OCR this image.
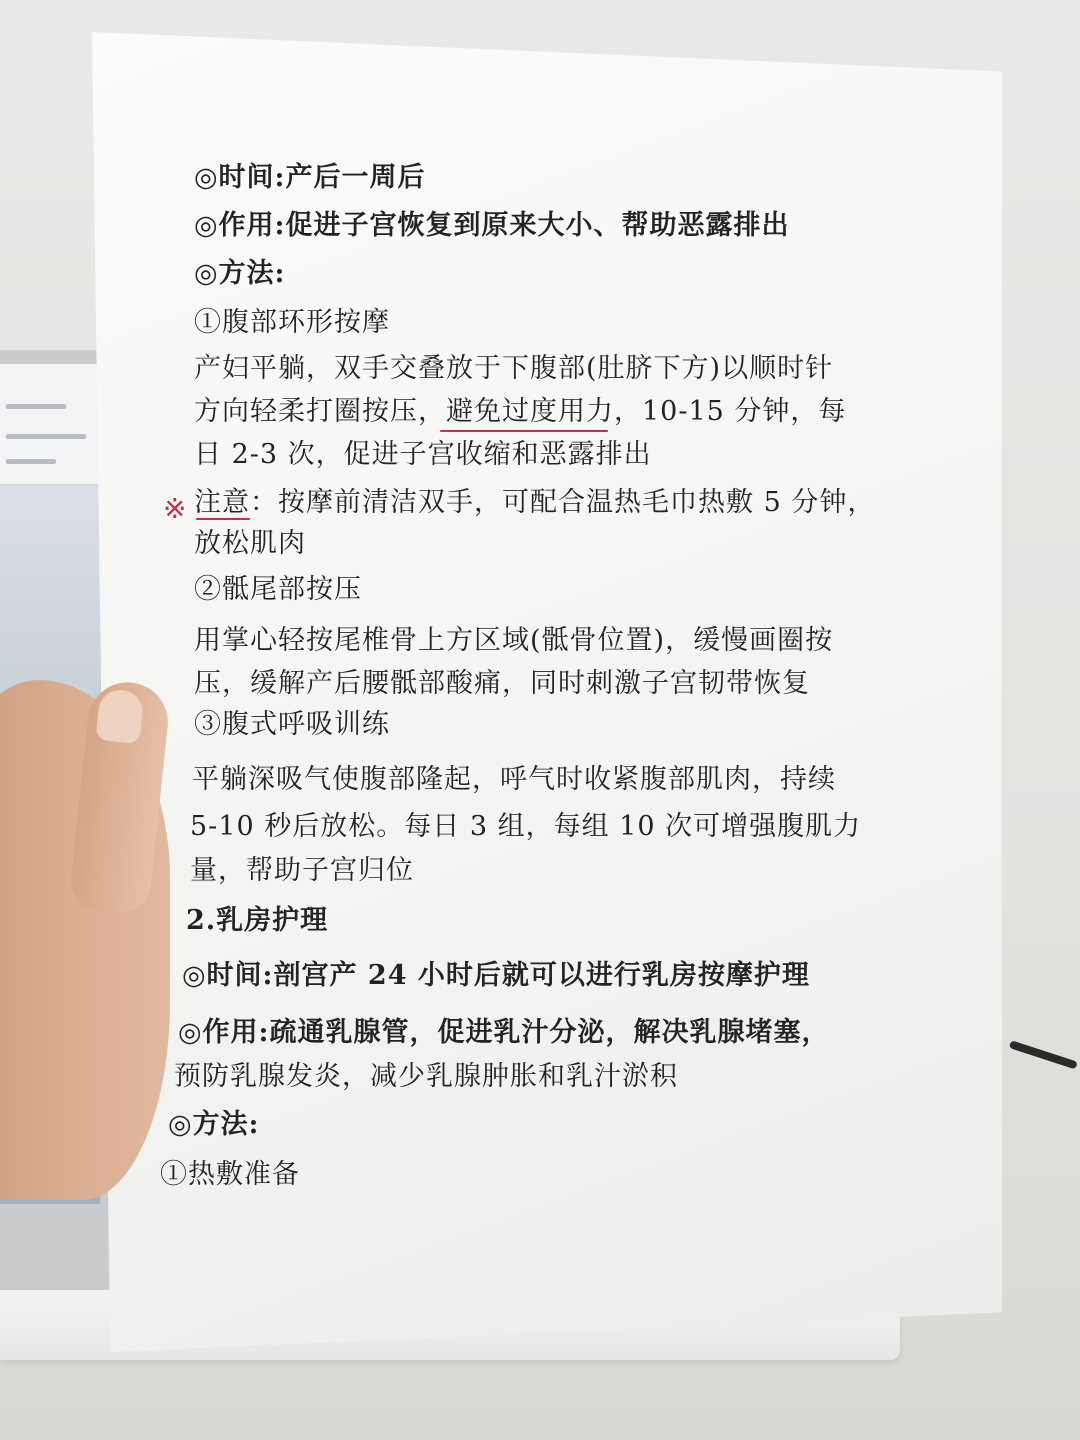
◎时间:产后一周后
◎作用:促进子宫恢复到原来大小、帮助恶露排出
◎方法:
①腹部环形按摩
产妇平躺，双手交叠放于下腹部(肚脐下方)以顺时针
方向轻柔打圈按压，避免过度用力，10-15 分钟，每
日 2-3 次，促进子宫收缩和恶露排出
※ 注意：按摩前清洁双手，可配合温热毛巾热敷 5 分钟，
放松肌肉
②骶尾部按压
用掌心轻按尾椎骨上方区域(骶骨位置)，缓慢画圈按
压，缓解产后腰骶部酸痛，同时刺激子宫韧带恢复
③腹式呼吸训练
平躺深吸气使腹部隆起，呼气时收紧腹部肌肉，持续
5-10 秒后放松。每日 3 组，每组 10 次可增强腹肌力
量，帮助子宫归位
2.乳房护理
◎时间:剖宫产 24 小时后就可以进行乳房按摩护理
◎作用:疏通乳腺管，促进乳汁分泌，解决乳腺堵塞，
预防乳腺发炎，减少乳腺肿胀和乳汁淤积
◎方法:
①热敷准备
